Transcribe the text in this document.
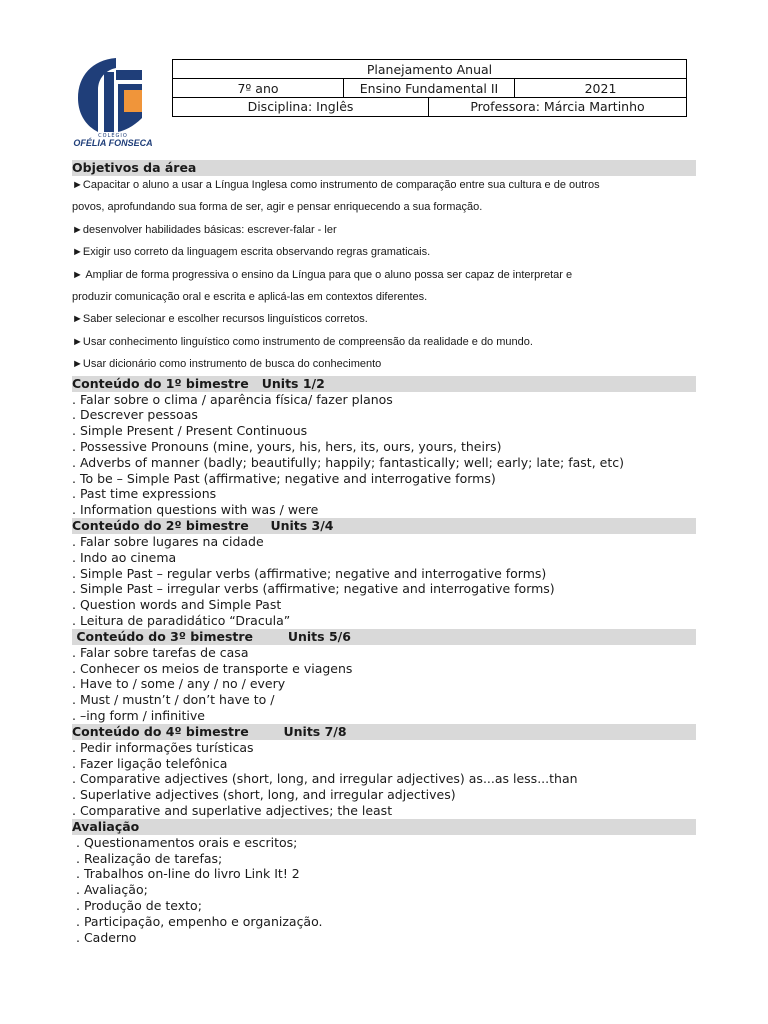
COLÉGIO
OFÉLIA FONSECA
Planejamento Anual
7º ano	Ensino Fundamental II	2021

Disciplina: Inglês	Professora: Márcia Martinho
Objetivos da área

►Capacitar o aluno a usar a Língua Inglesa como instrumento de comparação entre sua cultura e de outros

povos, aprofundando sua forma de ser, agir e pensar enriquecendo a sua formação.

►desenvolver habilidades básicas: escrever-falar - ler

►Exigir uso correto da linguagem escrita observando regras gramaticais.

► Ampliar de forma progressiva o ensino da Língua para que o aluno possa ser capaz de interpretar e

produzir comunicação oral e escrita e aplicá-las em contextos diferentes.

►Saber selecionar e escolher recursos linguísticos corretos.

►Usar conhecimento linguístico como instrumento de compreensão da realidade e do mundo.

►Usar dicionário como instrumento de busca do conhecimento

Conteúdo do 1º bimestre   Units 1/2

. Falar sobre o clima / aparência física/ fazer planos

. Descrever pessoas

. Simple Present / Present Continuous

. Possessive Pronouns (mine, yours, his, hers, its, ours, yours, theirs)

. Adverbs of manner (badly; beautifully; happily; fantastically; well; early; late; fast, etc)

. To be – Simple Past (affirmative; negative and interrogative forms)

. Past time expressions

. Information questions with was / were

Conteúdo do 2º bimestre     Units 3/4

. Falar sobre lugares na cidade

. Indo ao cinema

. Simple Past – regular verbs (affirmative; negative and interrogative forms)

. Simple Past – irregular verbs (affirmative; negative and interrogative forms)

. Question words and Simple Past

. Leitura de paradidático “Dracula”

Conteúdo do 3º bimestre        Units 5/6

. Falar sobre tarefas de casa

. Conhecer os meios de transporte e viagens

. Have to / some / any / no / every

. Must / mustn’t / don’t have to /

. –ing form / infinitive

Conteúdo do 4º bimestre        Units 7/8

. Pedir informações turísticas

. Fazer ligação telefônica

. Comparative adjectives (short, long, and irregular adjectives) as...as less...than

. Superlative adjectives (short, long, and irregular adjectives)

. Comparative and superlative adjectives; the least

Avaliação

. Questionamentos orais e escritos;

. Realização de tarefas;

. Trabalhos on-line do livro Link It! 2

. Avaliação;

. Produção de texto;

. Participação, empenho e organização.

. Caderno
